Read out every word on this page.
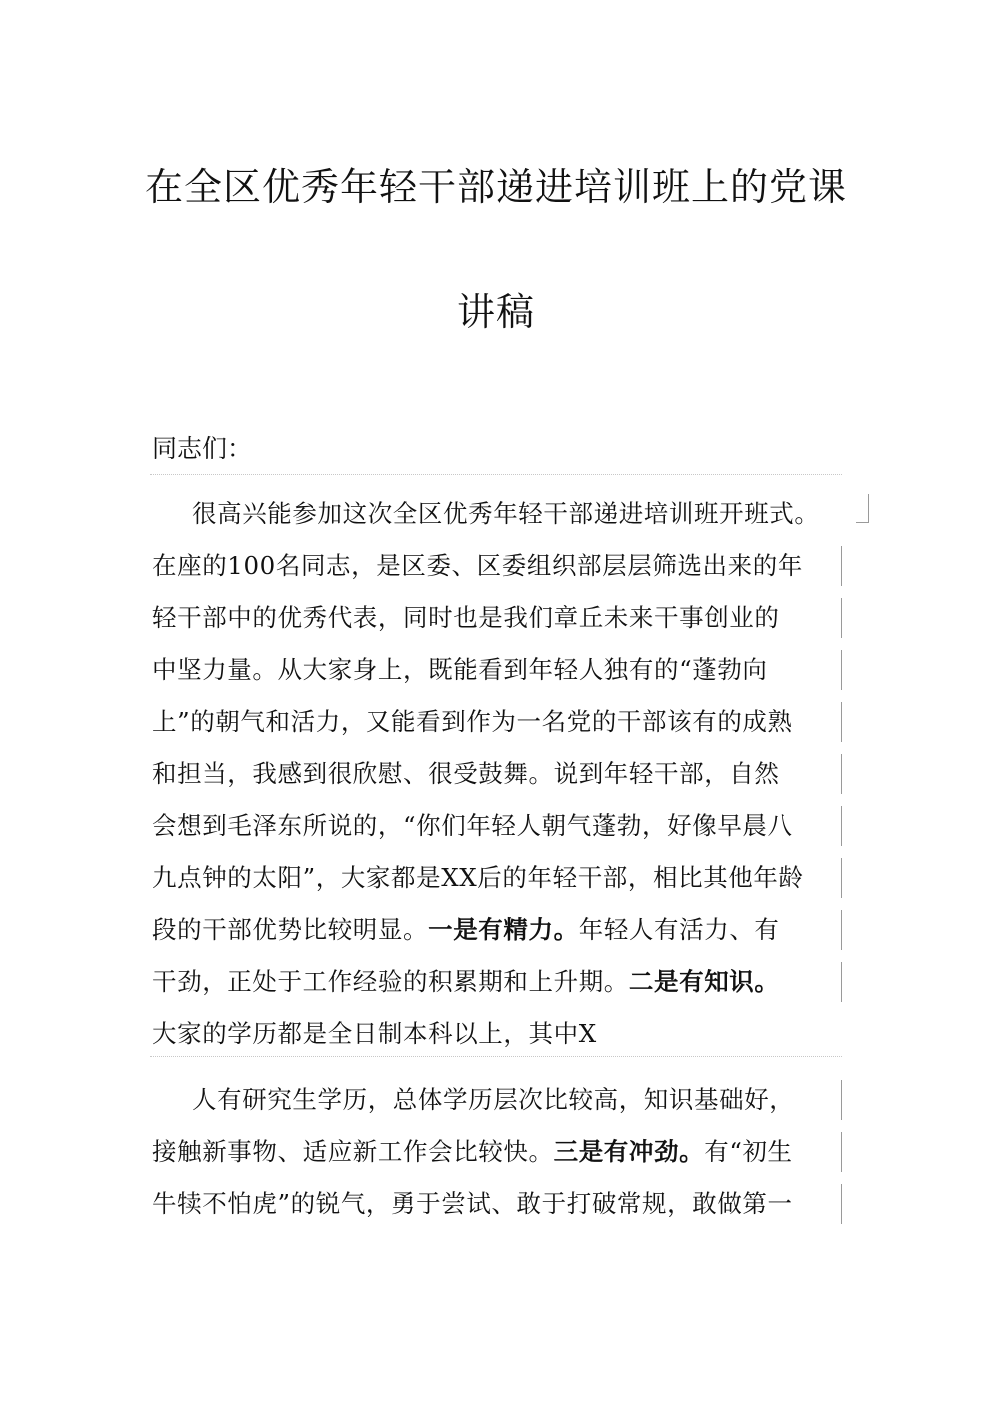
在全区优秀年轻干部递进培训班上的党课
讲稿
同志们：
很高兴能参加这次全区优秀年轻干部递进培训班开班式。
在座的100名同志，是区委、区委组织部层层筛选出来的年
轻干部中的优秀代表，同时也是我们章丘未来干事创业的
中坚力量。从大家身上，既能看到年轻人独有的“蓬勃向
上”的朝气和活力，又能看到作为一名党的干部该有的成熟
和担当，我感到很欣慰、很受鼓舞。说到年轻干部，自然
会想到毛泽东所说的，“你们年轻人朝气蓬勃，好像早晨八
九点钟的太阳”，大家都是XX后的年轻干部，相比其他年龄
段的干部优势比较明显。一是有精力。年轻人有活力、有
干劲，正处于工作经验的积累期和上升期。二是有知识。
大家的学历都是全日制本科以上，其中X
人有研究生学历，总体学历层次比较高，知识基础好，
接触新事物、适应新工作会比较快。三是有冲劲。有“初生
牛犊不怕虎”的锐气，勇于尝试、敢于打破常规，敢做第一
